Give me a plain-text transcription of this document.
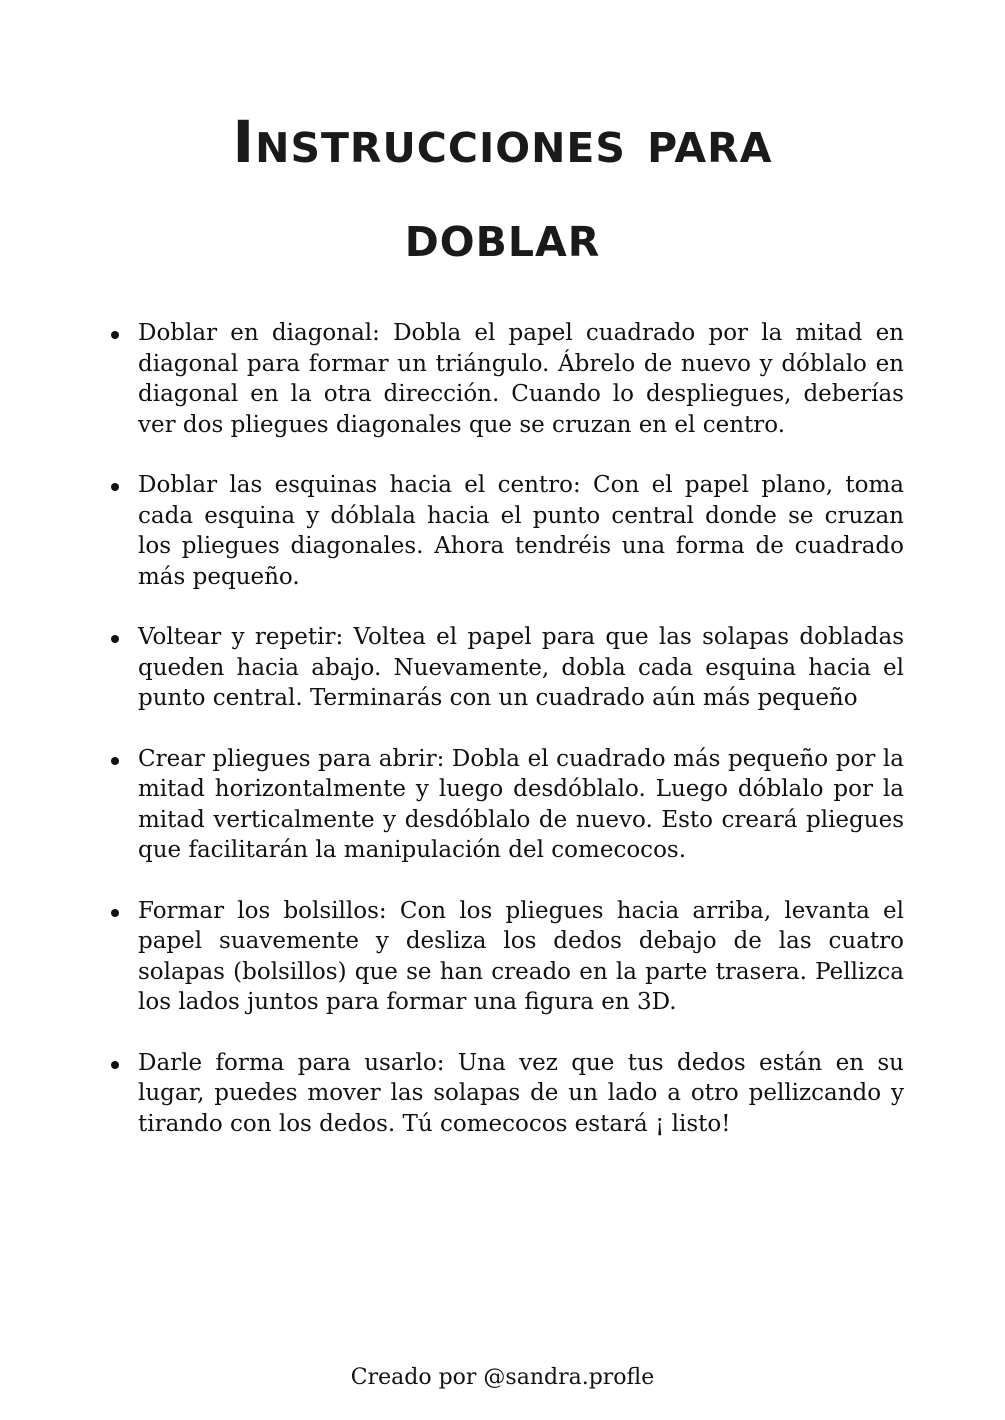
Instrucciones para
doblar
Doblar en diagonal: Dobla el papel cuadrado por la mitad en diagonal para formar un triángulo. Ábrelo de nuevo y dóblalo en diagonal en la otra dirección. Cuando lo despliegues, deberías ver dos pliegues diagonales que se cruzan en el centro.
Doblar las esquinas hacia el centro: Con el papel plano, toma cada esquina y dóblala hacia el punto central donde se cruzan los pliegues diagonales. Ahora tendréis una forma de cuadrado más pequeño.
Voltear y repetir: Voltea el papel para que las solapas dobladas queden hacia abajo. Nuevamente, dobla cada esquina hacia el punto central. Terminarás con un cuadrado aún más pequeño
Crear pliegues para abrir: Dobla el cuadrado más pequeño por la mitad horizontalmente y luego desdóblalo. Luego dóblalo por la mitad verticalmente y desdóblalo de nuevo. Esto creará pliegues que facilitarán la manipulación del comecocos.
Formar los bolsillos: Con los pliegues hacia arriba, levanta el papel suavemente y desliza los dedos debajo de las cuatro solapas (bolsillos) que se han creado en la parte trasera. Pellizca los lados juntos para formar una figura en 3D.
Darle forma para usarlo: Una vez que tus dedos están en su lugar, puedes mover las solapas de un lado a otro pellizcando y tirando con los dedos. Tú comecocos estará ¡ listo!
Creado por @sandra.profle
